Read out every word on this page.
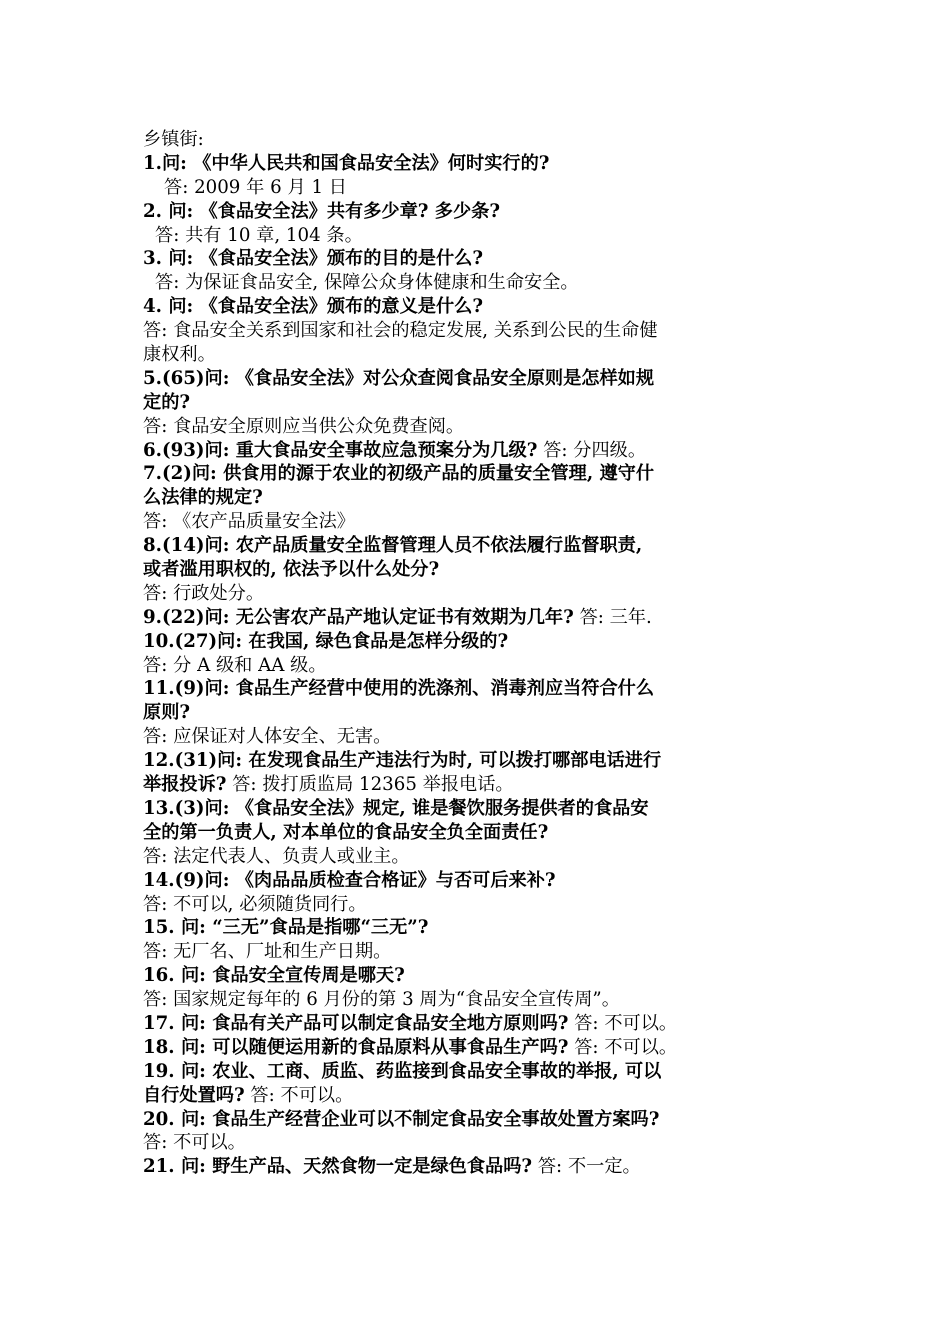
乡镇街:
1.问: 《中华人民共和国食品安全法》何时实行的?
答: 2009 年 6 月 1 日
2. 问: 《食品安全法》共有多少章? 多少条?
答: 共有 10 章, 104 条。
3. 问: 《食品安全法》颁布的目的是什么?
答: 为保证食品安全, 保障公众身体健康和生命安全。
4. 问: 《食品安全法》颁布的意义是什么?
答: 食品安全关系到国家和社会的稳定发展, 关系到公民的生命健
康权利。
5.(65)问: 《食品安全法》对公众查阅食品安全原则是怎样如规
定的?
答: 食品安全原则应当供公众免费查阅。
6.(93)问: 重大食品安全事故应急预案分为几级? 答: 分四级。
7.(2)问: 供食用的源于农业的初级产品的质量安全管理, 遵守什
么法律的规定?
答: 《农产品质量安全法》
8.(14)问: 农产品质量安全监督管理人员不依法履行监督职责,
或者滥用职权的, 依法予以什么处分?
答: 行政处分。
9.(22)问: 无公害农产品产地认定证书有效期为几年? 答: 三年.
10.(27)问: 在我国, 绿色食品是怎样分级的?
答: 分 A 级和 AA 级。
11.(9)问: 食品生产经营中使用的洗涤剂、消毒剂应当符合什么
原则?
答: 应保证对人体安全、无害。
12.(31)问: 在发现食品生产违法行为时, 可以拨打哪部电话进行
举报投诉? 答: 拨打质监局 12365 举报电话。
13.(3)问: 《食品安全法》规定, 谁是餐饮服务提供者的食品安
全的第一负责人, 对本单位的食品安全负全面责任?
答: 法定代表人、负责人或业主。
14.(9)问: 《肉品品质检查合格证》与否可后来补?
答: 不可以, 必须随货同行。
15. 问: “三无”食品是指哪“三无”?
答: 无厂名、厂址和生产日期。
16. 问: 食品安全宣传周是哪天?
答: 国家规定每年的 6 月份的第 3 周为“食品安全宣传周”。
17. 问: 食品有关产品可以制定食品安全地方原则吗? 答: 不可以。
18. 问: 可以随便运用新的食品原料从事食品生产吗? 答: 不可以。
19. 问: 农业、工商、质监、药监接到食品安全事故的举报, 可以
自行处置吗? 答: 不可以。
20. 问: 食品生产经营企业可以不制定食品安全事故处置方案吗?
答: 不可以。
21. 问: 野生产品、天然食物一定是绿色食品吗? 答: 不一定。
